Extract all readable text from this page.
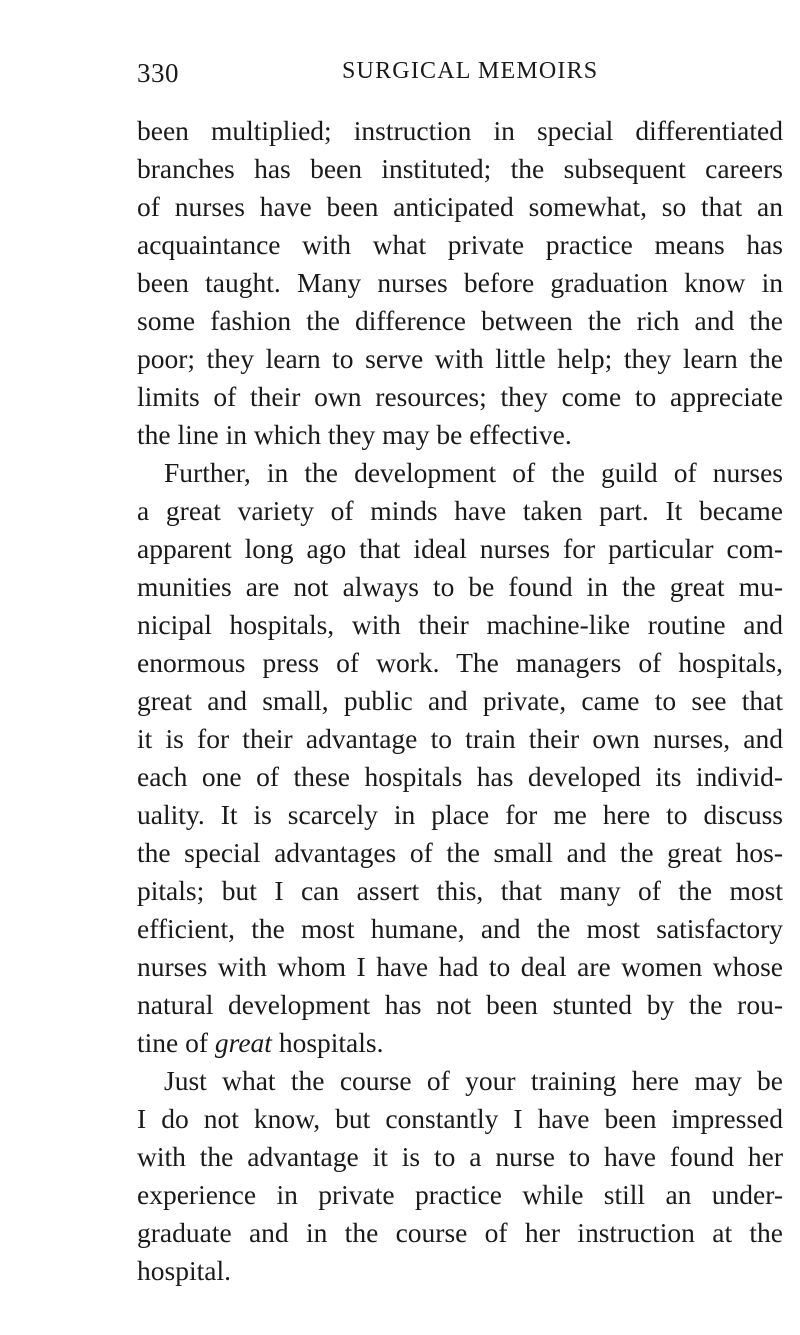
330	SURGICAL MEMOIRS
been multiplied; instruction in special differentiated
branches has been instituted; the subsequent careers
of nurses have been anticipated somewhat, so that an
acquaintance with what private practice means has
been taught. Many nurses before graduation know in
some fashion the difference between the rich and the
poor; they learn to serve with little help; they learn the
limits of their own resources; they come to appreciate
the line in which they may be effective.
Further, in the development of the guild of nurses
a great variety of minds have taken part. It became
apparent long ago that ideal nurses for particular com-
munities are not always to be found in the great mu-
nicipal hospitals, with their machine-like routine and
enormous press of work. The managers of hospitals,
great and small, public and private, came to see that
it is for their advantage to train their own nurses, and
each one of these hospitals has developed its individ-
uality. It is scarcely in place for me here to discuss
the special advantages of the small and the great hos-
pitals; but I can assert this, that many of the most
efficient, the most humane, and the most satisfactory
nurses with whom I have had to deal are women whose
natural development has not been stunted by the rou-
tine of great hospitals.
Just what the course of your training here may be
I do not know, but constantly I have been impressed
with the advantage it is to a nurse to have found her
experience in private practice while still an under-
graduate and in the course of her instruction at the
hospital.
